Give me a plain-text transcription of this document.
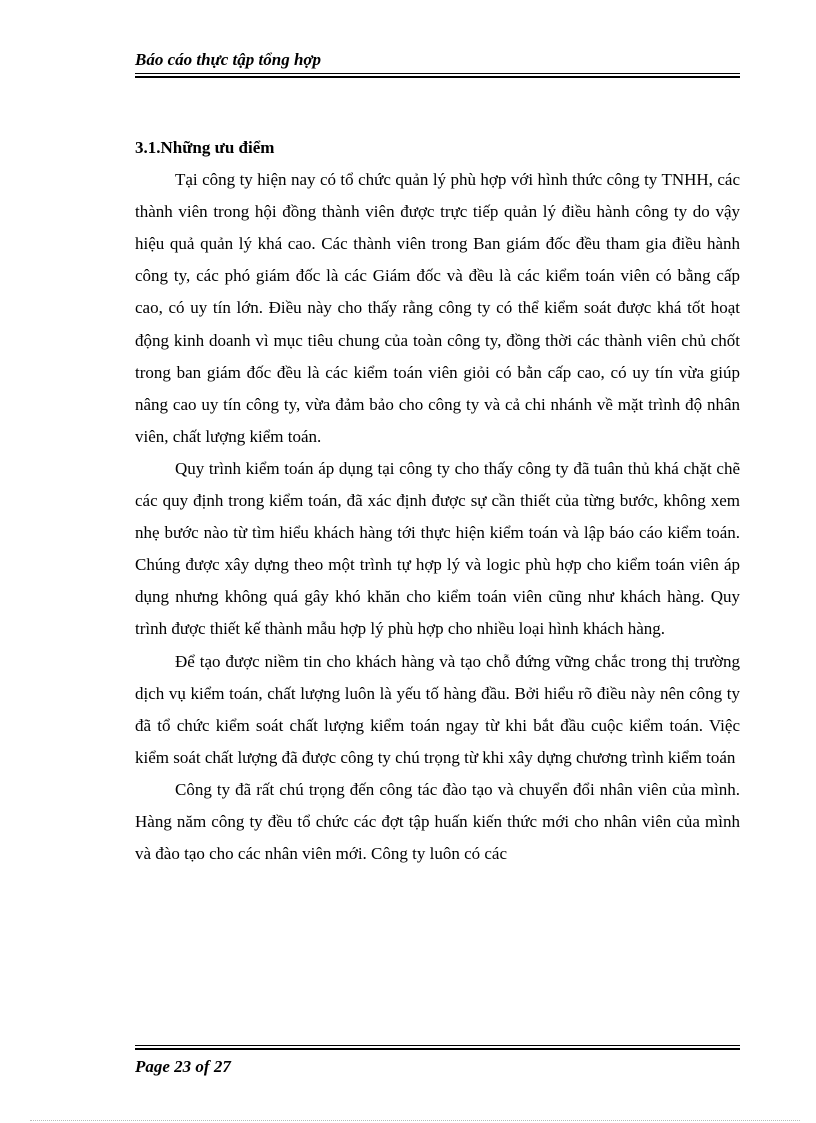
Báo cáo thực tập tổng hợp

3.1.Những ưu điểm

Tại công ty hiện nay có tổ chức quản lý phù hợp với hình thức công ty TNHH, các thành viên trong hội đồng thành viên được trực tiếp quản lý điều hành công ty do vậy hiệu quả quản lý khá cao. Các thành viên trong Ban giám đốc đều tham gia điều hành công ty, các phó giám đốc là các Giám đốc và đều là các kiểm toán viên có bằng cấp cao, có uy tín lớn. Điều này cho thấy rằng công ty có thể kiểm soát được khá tốt hoạt động kinh doanh vì mục tiêu chung của toàn công ty, đồng thời các thành viên chủ chốt trong ban giám đốc đều là các kiểm toán viên giỏi có bằn cấp cao, có uy tín vừa giúp nâng cao uy tín công ty, vừa đảm bảo cho công ty và cả chi nhánh về mặt trình độ nhân viên, chất lượng kiểm toán.

Quy trình kiểm toán áp dụng tại công ty cho thấy công ty đã tuân thủ khá chặt chẽ các quy định trong kiểm toán, đã xác định được sự cần thiết của từng bước, không xem nhẹ bước nào từ tìm hiểu khách hàng tới thực hiện kiểm toán và lập báo cáo kiểm toán. Chúng được xây dựng theo một trình tự hợp lý và logic phù hợp cho kiểm toán viên áp dụng nhưng không quá gây khó khăn cho kiểm toán viên cũng như khách hàng. Quy trình được thiết kế thành mẫu hợp lý phù hợp cho nhiều loại hình khách hàng.

Để tạo được niềm tin cho khách hàng và tạo chỗ đứng vững chắc trong thị trường dịch vụ kiểm toán, chất lượng luôn là yếu tố hàng đầu. Bởi hiểu rõ điều này nên công ty đã tổ chức kiểm soát chất lượng kiểm toán ngay từ khi bắt đầu cuộc kiểm toán. Việc kiểm soát chất lượng đã được công ty chú trọng từ khi xây dựng chương trình kiểm toán

Công ty đã rất chú trọng đến công tác đào tạo và chuyển đổi nhân viên của mình. Hàng năm công ty đều tổ chức các đợt tập huấn kiến thức mới cho nhân viên của mình và đào tạo cho các nhân viên mới. Công ty luôn có các

Page 23 of 27
